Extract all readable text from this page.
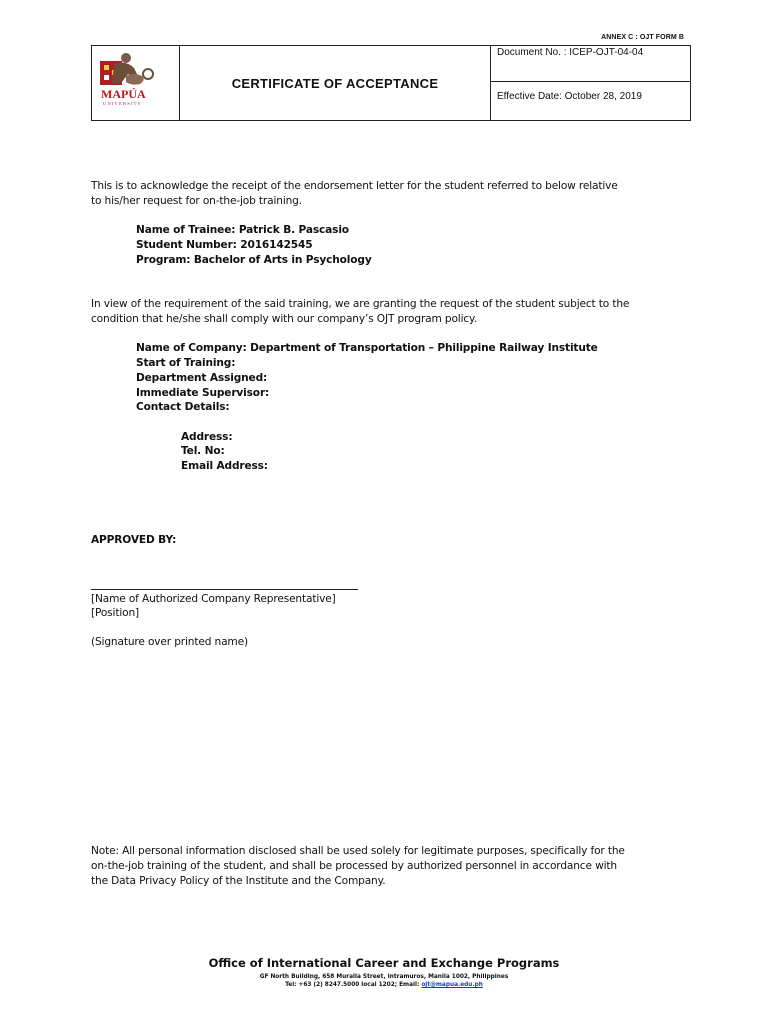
ANNEX C : OJT FORM B
MAPÚA
UNIVERSITY
CERTIFICATE OF ACCEPTANCE
Document No. : ICEP-OJT-04-04
Effective Date: October 28, 2019
This is to acknowledge the receipt of the endorsement letter for the student referred to below relative
to his/her request for on-the-job training.
Name of Trainee: Patrick B. Pascasio
Student Number: 2016142545
Program: Bachelor of Arts in Psychology
In view of the requirement of the said training, we are granting the request of the student subject to the
condition that he/she shall comply with our company’s OJT program policy.
Name of Company: Department of Transportation – Philippine Railway Institute
Start of Training:
Department Assigned:
Immediate Supervisor:
Contact Details:
Address:
Tel. No:
Email Address:
APPROVED BY:
[Name of Authorized Company Representative]
[Position]
(Signature over printed name)
Note: All personal information disclosed shall be used solely for legitimate purposes, specifically for the
on-the-job training of the student, and shall be processed by authorized personnel in accordance with
the Data Privacy Policy of the Institute and the Company.
Office of International Career and Exchange Programs
GF North Building, 658 Muralla Street, Intramuros, Manila 1002, Philippines
Tel: +63 (2) 8247.5000 local 1202; Email: ojt@mapua.edu.ph
